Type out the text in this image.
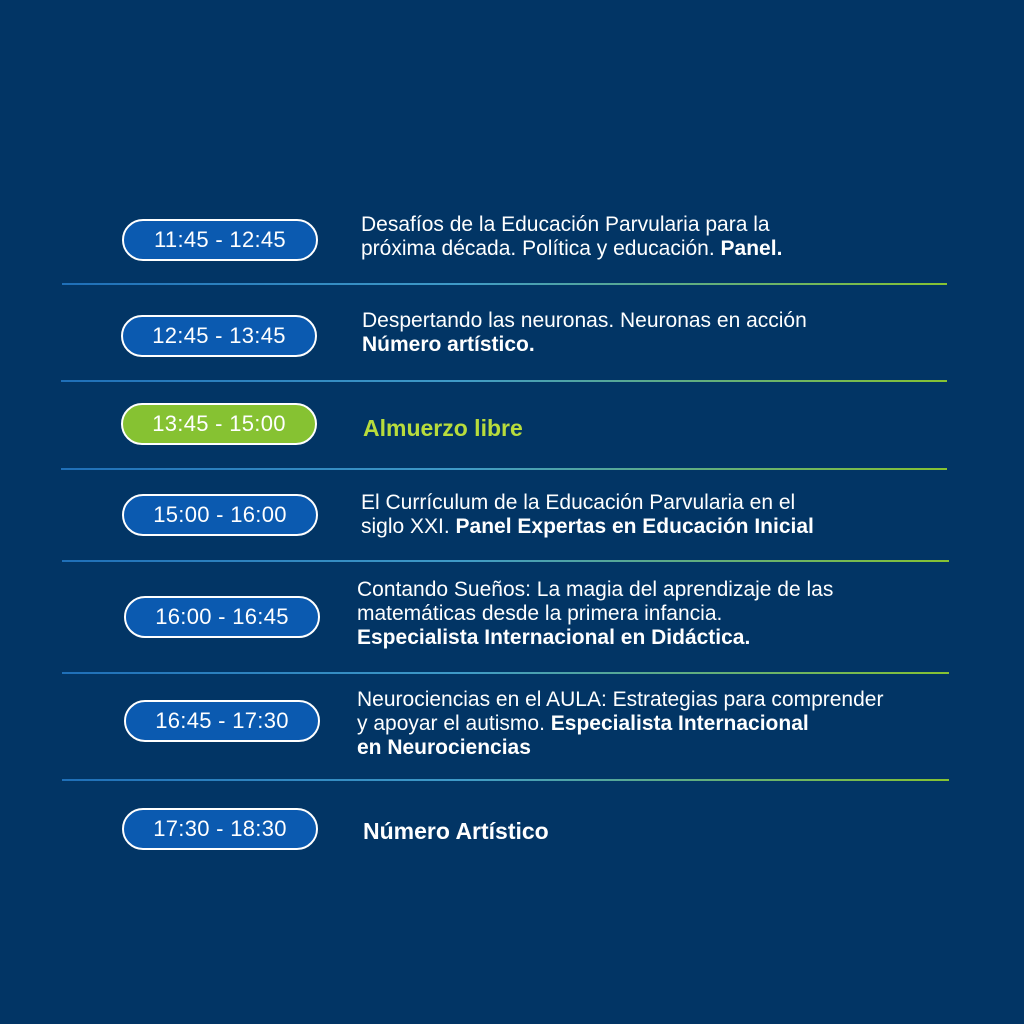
11:45 - 12:45
Desafíos de la Educación Parvularia para la
próxima década. Política y educación. Panel.
12:45 - 13:45
Despertando las neuronas. Neuronas en acción
Número artístico.
13:45 - 15:00	Almuerzo libre
15:00 - 16:00	El Currículum de la Educación Parvularia en el
siglo XXI. Panel Expertas en Educación Inicial
16:00 - 16:45
Contando Sueños: La magia del aprendizaje de las
matemáticas desde la primera infancia.
Especialista Internacional en Didáctica.
16:45 - 17:30
Neurociencias en el AULA: Estrategias para comprender
y apoyar el autismo. Especialista Internacional
en Neurociencias
17:30 - 18:30	Número Artístico
